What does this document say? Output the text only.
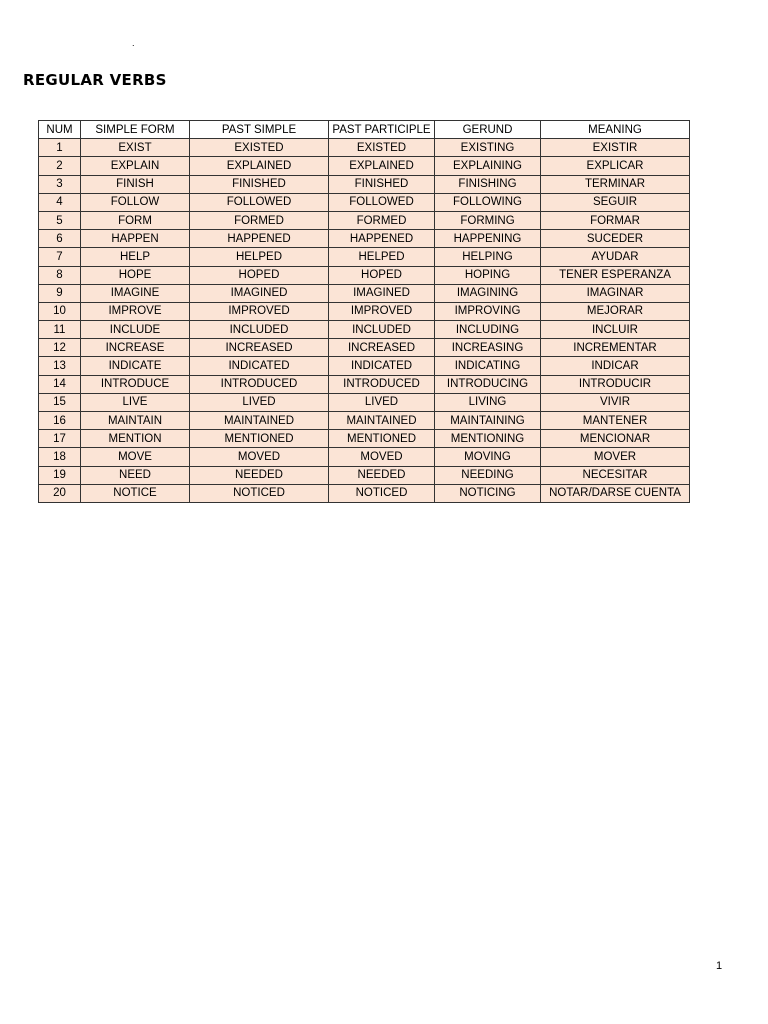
.
REGULAR VERBS
NUM	SIMPLE FORM	PAST SIMPLE	PAST PARTICIPLE	GERUND	MEANING
1	EXIST	EXISTED	EXISTED	EXISTING	EXISTIR
2	EXPLAIN	EXPLAINED	EXPLAINED	EXPLAINING	EXPLICAR
3	FINISH	FINISHED	FINISHED	FINISHING	TERMINAR
4	FOLLOW	FOLLOWED	FOLLOWED	FOLLOWING	SEGUIR
5	FORM	FORMED	FORMED	FORMING	FORMAR
6	HAPPEN	HAPPENED	HAPPENED	HAPPENING	SUCEDER
7	HELP	HELPED	HELPED	HELPING	AYUDAR
8	HOPE	HOPED	HOPED	HOPING	TENER ESPERANZA
9	IMAGINE	IMAGINED	IMAGINED	IMAGINING	IMAGINAR
10	IMPROVE	IMPROVED	IMPROVED	IMPROVING	MEJORAR
11	INCLUDE	INCLUDED	INCLUDED	INCLUDING	INCLUIR
12	INCREASE	INCREASED	INCREASED	INCREASING	INCREMENTAR
13	INDICATE	INDICATED	INDICATED	INDICATING	INDICAR
14	INTRODUCE	INTRODUCED	INTRODUCED	INTRODUCING	INTRODUCIR
15	LIVE	LIVED	LIVED	LIVING	VIVIR
16	MAINTAIN	MAINTAINED	MAINTAINED	MAINTAINING	MANTENER
17	MENTION	MENTIONED	MENTIONED	MENTIONING	MENCIONAR
18	MOVE	MOVED	MOVED	MOVING	MOVER
19	NEED	NEEDED	NEEDED	NEEDING	NECESITAR
20	NOTICE	NOTICED	NOTICED	NOTICING	NOTAR/DARSE CUENTA
1
